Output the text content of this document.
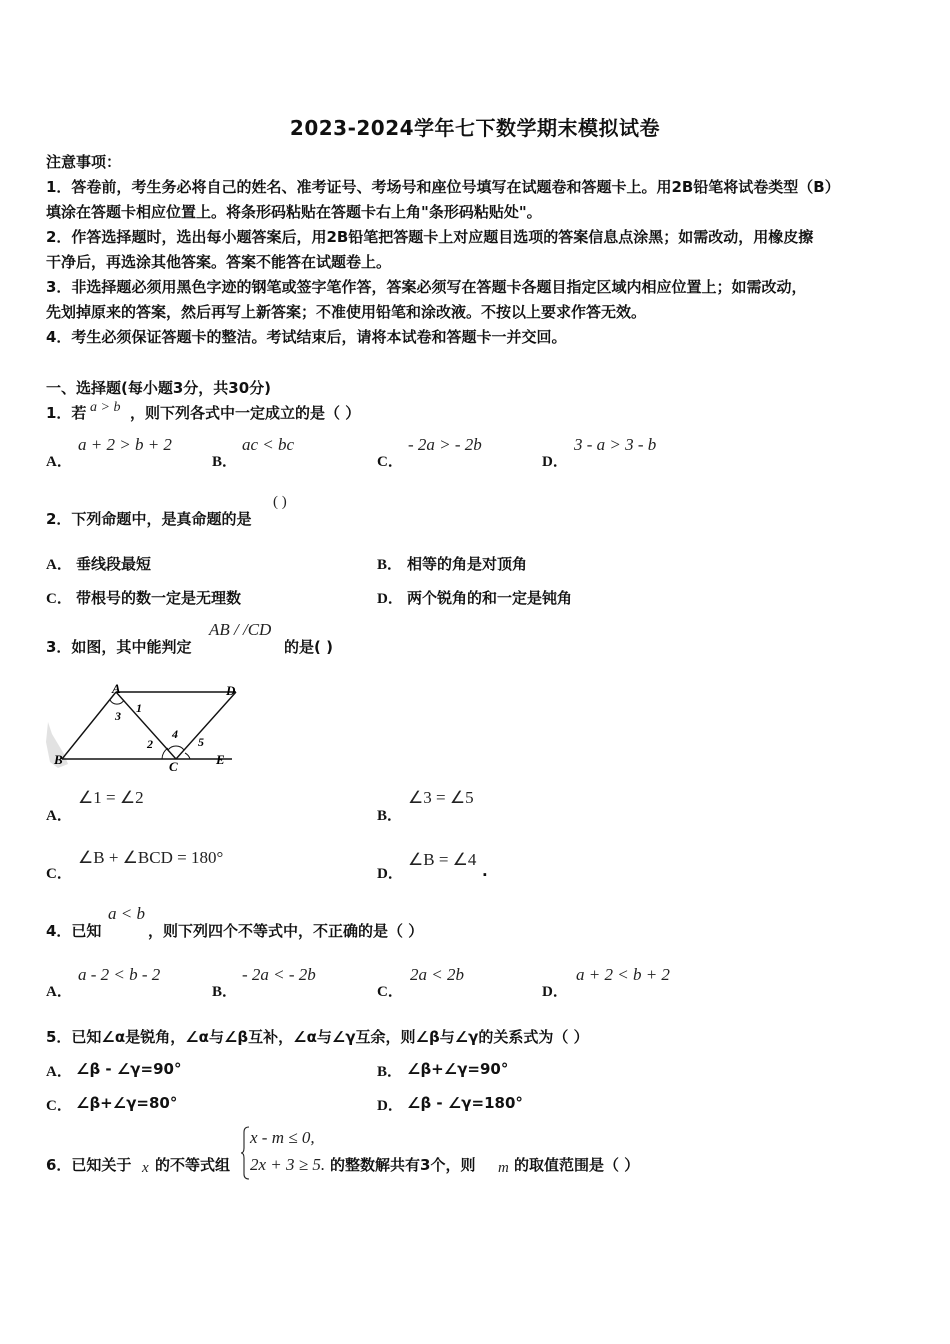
2023-2024学年七下数学期末模拟试卷
注意事项：
1．答卷前，考生务必将自己的姓名、准考证号、考场号和座位号填写在试题卷和答题卡上。用2B铅笔将试卷类型（B）
填涂在答题卡相应位置上。将条形码粘贴在答题卡右上角"条形码粘贴处"。
2．作答选择题时，选出每小题答案后，用2B铅笔把答题卡上对应题目选项的答案信息点涂黑；如需改动，用橡皮擦
干净后，再选涂其他答案。答案不能答在试题卷上。
3．非选择题必须用黑色字迹的钢笔或签字笔作答，答案必须写在答题卡各题目指定区域内相应位置上；如需改动，
先划掉原来的答案，然后再写上新答案；不准使用铅笔和涂改液。不按以上要求作答无效。
4．考生必须保证答题卡的整洁。考试结束后，请将本试卷和答题卡一并交回。
一、选择题(每小题3分，共30分)
1．若 a > b ，则下列各式中一定成立的是（ ）
A．
a + 2 > b + 2
B．
ac < bc
C．
- 2a > - 2b
D．
3 - a > 3 - b
2．下列命题中，是真命题的是
( )
A． 垂线段最短	B． 相等的角是对顶角
C． 带根号的数一定是无理数	D． 两个锐角的和一定是钝角
3．如图，其中能判定
AB / /CD
的是( )
A	D
B	C	E
1
2
3
4
5
A．
∠1 = ∠2
B．
∠3 = ∠5
C．
∠B + ∠BCD = 180°
D．
∠B = ∠4
.
4．已知
a < b
，则下列四个不等式中，不正确的是（ ）
A．
a - 2 < b - 2
B．
- 2a < - 2b
C．
2a < 2b
D．
a + 2 < b + 2
5．已知∠α是锐角，∠α与∠β互补，∠α与∠γ互余，则∠β与∠γ的关系式为（ ）
A． ∠β - ∠γ=90°	B． ∠β+∠γ=90°
C． ∠β+∠γ=80°	D． ∠β - ∠γ=180°
6．已知关于 x 的不等式组
x - m ≤ 0,
2x + 3 ≥ 5. 的整数解共有3个，则 m 的取值范围是（ ）
